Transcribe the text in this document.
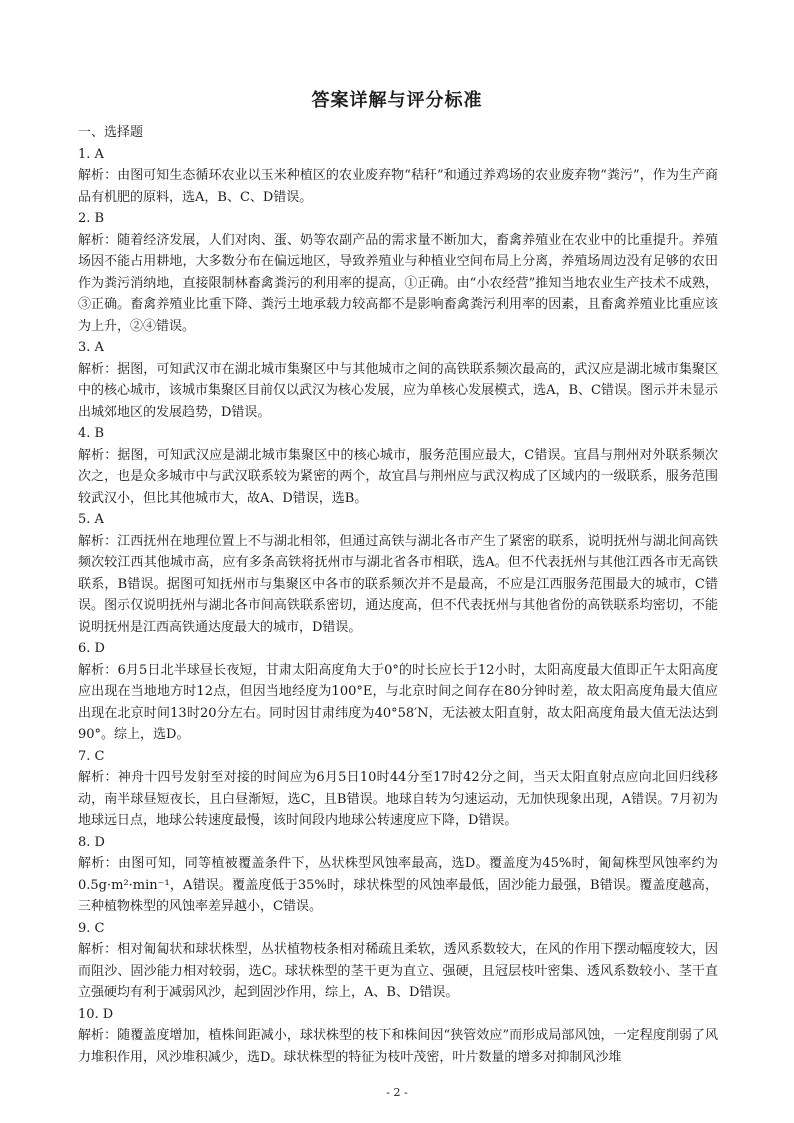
答案详解与评分标准

一、选择题

1. A

解析：由图可知生态循环农业以玉米种植区的农业废弃物“秸秆”和通过养鸡场的农业废弃物“粪污”，作为生产商品有机肥的原料，选A，B、C、D错误。

2. B

解析：随着经济发展，人们对肉、蛋、奶等农副产品的需求量不断加大，畜禽养殖业在农业中的比重提升。养殖场因不能占用耕地，大多数分布在偏远地区，导致养殖业与种植业空间布局上分离，养殖场周边没有足够的农田作为粪污消纳地，直接限制林畜禽粪污的利用率的提高，①正确。由“小农经营”推知当地农业生产技术不成熟，③正确。畜禽养殖业比重下降、粪污土地承载力较高都不是影响畜禽粪污利用率的因素，且畜禽养殖业比重应该为上升，②④错误。

3. A

解析：据图，可知武汉市在湖北城市集聚区中与其他城市之间的高铁联系频次最高的，武汉应是湖北城市集聚区中的核心城市，该城市集聚区目前仅以武汉为核心发展，应为单核心发展模式，选A，B、C错误。图示并未显示出城郊地区的发展趋势，D错误。

4. B

解析：据图，可知武汉应是湖北城市集聚区中的核心城市，服务范围应最大，C错误。宜昌与荆州对外联系频次次之，也是众多城市中与武汉联系较为紧密的两个，故宜昌与荆州应与武汉构成了区域内的一级联系，服务范围较武汉小，但比其他城市大，故A、D错误，选B。

5. A

解析：江西抚州在地理位置上不与湖北相邻，但通过高铁与湖北各市产生了紧密的联系，说明抚州与湖北间高铁频次较江西其他城市高，应有多条高铁将抚州市与湖北省各市相联，选A。但不代表抚州与其他江西各市无高铁联系，B错误。据图可知抚州市与集聚区中各市的联系频次并不是最高，不应是江西服务范围最大的城市，C错误。图示仅说明抚州与湖北各市间高铁联系密切，通达度高，但不代表抚州与其他省份的高铁联系均密切，不能说明抚州是江西高铁通达度最大的城市，D错误。

6. D

解析：6月5日北半球昼长夜短，甘肃太阳高度角大于0°的时长应长于12小时，太阳高度最大值即正午太阳高度应出现在当地地方时12点，但因当地经度为100°E，与北京时间之间存在80分钟时差，故太阳高度角最大值应出现在北京时间13时20分左右。同时因甘肃纬度为40°58′N，无法被太阳直射，故太阳高度角最大值无法达到90°。综上，选D。

7. C

解析：神舟十四号发射至对接的时间应为6月5日10时44分至17时42分之间，当天太阳直射点应向北回归线移动，南半球昼短夜长，且白昼渐短，选C，且B错误。地球自转为匀速运动，无加快现象出现，A错误。7月初为地球远日点，地球公转速度最慢，该时间段内地球公转速度应下降，D错误。

8. D

解析：由图可知，同等植被覆盖条件下，丛状株型风蚀率最高，选D。覆盖度为45%时，匍匐株型风蚀率约为0.5g·m²·min⁻¹，A错误。覆盖度低于35%时，球状株型的风蚀率最低，固沙能力最强，B错误。覆盖度越高，三种植物株型的风蚀率差异越小，C错误。

9. C

解析：相对匍匐状和球状株型，丛状植物枝条相对稀疏且柔软，透风系数较大，在风的作用下摆动幅度较大，因而阻沙、固沙能力相对较弱，选C。球状株型的茎干更为直立、强硬，且冠层枝叶密集、透风系数较小、茎干直立强硬均有利于减弱风沙，起到固沙作用，综上，A、B、D错误。

10. D

解析：随覆盖度增加，植株间距减小，球状株型的枝下和株间因“狭管效应”而形成局部风蚀，一定程度削弱了风力堆积作用，风沙堆积减少，选D。球状株型的特征为枝叶茂密，叶片数量的增多对抑制风沙堆

- 2 -
